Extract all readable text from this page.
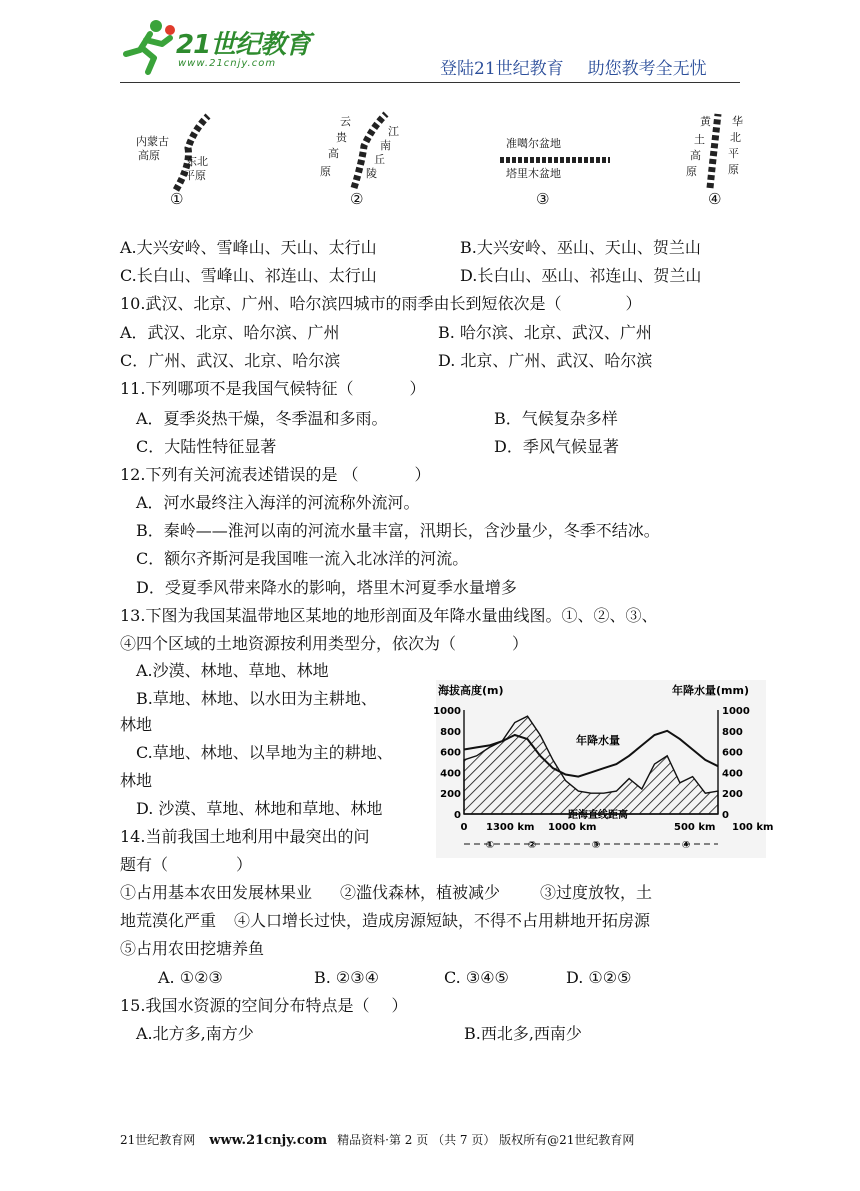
21世纪教育
www.21cnjy.com	登陆21世纪教育 助您教考全无忧
内蒙古
高原 东北
平原
①
云
贵
高
原
江
南
丘
陵
②
准噶尔盆地
塔里木盆地
③
黄
土
高
原
华
北
平
原
④
A.大兴安岭、雪峰山、天山、太行山	B.大兴安岭、巫山、天山、贺兰山
C.长白山、雪峰山、祁连山、太行山	D.长白山、巫山、祁连山、贺兰山
10.武汉、北京、广州、哈尔滨四城市的雨季由长到短依次是（	）
A．武汉、北京、哈尔滨、广州	B. 哈尔滨、北京、武汉、广州
C．广州、武汉、北京、哈尔滨	D. 北京、广州、武汉、哈尔滨
11.下列哪项不是我国气候特征（	）
A．夏季炎热干燥，冬季温和多雨。	B．气候复杂多样
C．大陆性特征显著	D．季风气候显著
12.下列有关河流表述错误的是 （	）
A．河水最终注入海洋的河流称外流河。
B．秦岭——淮河以南的河流水量丰富，汛期长，含沙量少，冬季不结冰。
C．额尔齐斯河是我国唯一流入北冰洋的河流。
D．受夏季风带来降水的影响，塔里木河夏季水量增多
13.下图为我国某温带地区某地的地形剖面及年降水量曲线图。①、②、③、
④四个区域的土地资源按利用类型分，依次为（	）
A.沙漠、林地、草地、林地
B.草地、林地、以水田为主耕地、
林地
C.草地、林地、以旱地为主的耕地、
林地
D. 沙漠、草地、林地和草地、林地
海拔高度(m)	年降水量(mm)
1000
800
600
400
200
0
1000
800
600
400
200
0
年降水量
距海直线距离
0 1300 km 1000 km	500 km 100 km
①	②	③	④
14.当前我国土地利用中最突出的问
题有（	）
①占用基本农田发展林果业 ②滥伐森林，植被减少	③过度放牧，土
地荒漠化严重 ④人口增长过快，造成房源短缺，不得不占用耕地开拓房源
⑤占用农田挖塘养鱼
A. ①②③	B. ②③④	C. ③④⑤	D. ①②⑤
15.我国水资源的空间分布特点是（ ）
A.北方多,南方少	B.西北多,西南少
21世纪教育网 www.21cnjy.com 精品资料·第 2 页 （共 7 页） 版权所有@21世纪教育网
